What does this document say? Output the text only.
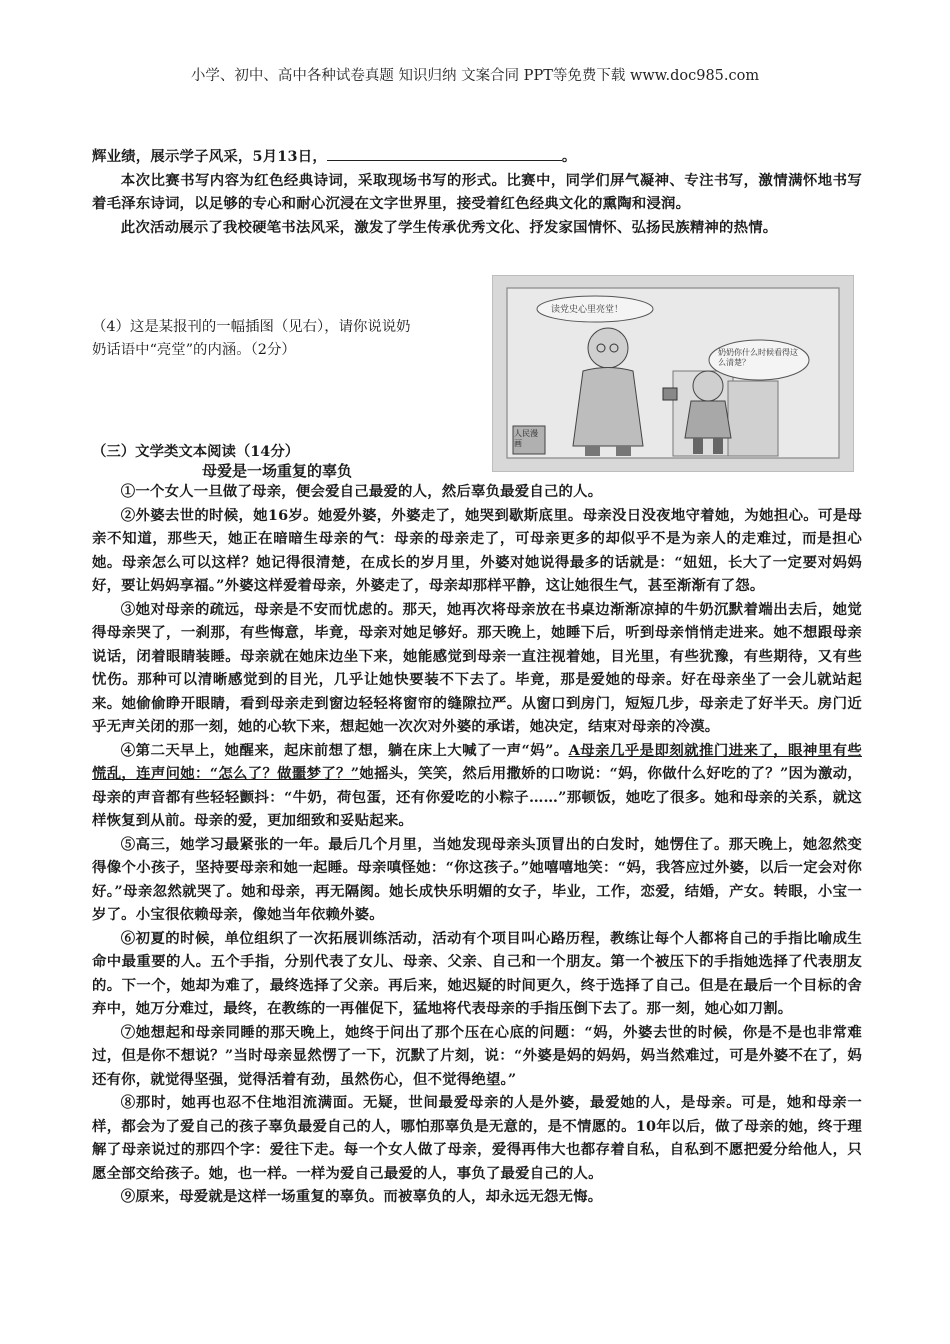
小学、初中、高中各种试卷真题 知识归纳 文案合同 PPT等免费下载 www.doc985.com

辉业绩，展示学子风采，5月13日，	。

本次比赛书写内容为红色经典诗词，采取现场书写的形式。比赛中，同学们屏气凝神、专注书写，激情满怀地书写着毛泽东诗词，以足够的专心和耐心沉浸在文字世界里，接受着红色经典文化的熏陶和浸润。

此次活动展示了我校硬笔书法风采，激发了学生传承优秀文化、抒发家国情怀、弘扬民族精神的热情。

（4）这是某报刊的一幅插图（见右），请你说说奶奶话语中“亮堂”的内涵。（2分）
读党史心里亮堂！
奶奶你什么时候看得这么清楚？
人民漫画
（三）文学类文本阅读（14分）
母爱是一场重复的辜负

①一个女人一旦做了母亲，便会爱自己最爱的人，然后辜负最爱自己的人。

②外婆去世的时候，她16岁。她爱外婆，外婆走了，她哭到歇斯底里。母亲没日没夜地守着她，为她担心。可是母亲不知道，那些天，她正在暗暗生母亲的气：母亲的母亲走了，可母亲更多的却似乎不是为亲人的走难过，而是担心她。母亲怎么可以这样？她记得很清楚，在成长的岁月里，外婆对她说得最多的话就是：“妞妞，长大了一定要对妈妈好，要让妈妈享福。”外婆这样爱着母亲，外婆走了，母亲却那样平静，这让她很生气，甚至渐渐有了怨。

③她对母亲的疏远，母亲是不安而忧虑的。那天，她再次将母亲放在书桌边渐渐凉掉的牛奶沉默着端出去后，她觉得母亲哭了，一刹那，有些悔意，毕竟，母亲对她足够好。那天晚上，她睡下后，听到母亲悄悄走进来。她不想跟母亲说话，闭着眼睛装睡。母亲就在她床边坐下来，她能感觉到母亲一直注视着她，目光里，有些犹豫，有些期待，又有些忧伤。那种可以清晰感觉到的目光，几乎让她快要装不下去了。毕竟，那是爱她的母亲。好在母亲坐了一会儿就站起来。她偷偷睁开眼睛，看到母亲走到窗边轻轻将窗帘的缝隙拉严。从窗口到房门，短短几步，母亲走了好半天。房门近乎无声关闭的那一刻，她的心软下来，想起她一次次对外婆的承诺，她决定，结束对母亲的冷漠。

④第二天早上，她醒来，起床前想了想，躺在床上大喊了一声“妈”。A母亲几乎是即刻就推门进来了，眼神里有些慌乱，连声问她：“怎么了？做噩梦了？”她摇头，笑笑，然后用撒娇的口吻说：“妈，你做什么好吃的了？”因为激动，母亲的声音都有些轻轻颤抖：“牛奶，荷包蛋，还有你爱吃的小粽子……”那顿饭，她吃了很多。她和母亲的关系，就这样恢复到从前。母亲的爱，更加细致和妥贴起来。

⑤高三，她学习最紧张的一年。最后几个月里，当她发现母亲头顶冒出的白发时，她愣住了。那天晚上，她忽然变得像个小孩子，坚持要母亲和她一起睡。母亲嗔怪她：“你这孩子。”她嘻嘻地笑：“妈，我答应过外婆，以后一定会对你好。”母亲忽然就哭了。她和母亲，再无隔阂。她长成快乐明媚的女子，毕业，工作，恋爱，结婚，产女。转眼，小宝一岁了。小宝很依赖母亲，像她当年依赖外婆。

⑥初夏的时候，单位组织了一次拓展训练活动，活动有个项目叫心路历程，教练让每个人都将自己的手指比喻成生命中最重要的人。五个手指，分别代表了女儿、母亲、父亲、自己和一个朋友。第一个被压下的手指她选择了代表朋友的。下一个，她却为难了，最终选择了父亲。再后来，她迟疑的时间更久，终于选择了自己。但是在最后一个目标的舍弃中，她万分难过，最终，在教练的一再催促下，猛地将代表母亲的手指压倒下去了。那一刻，她心如刀割。

⑦她想起和母亲同睡的那天晚上，她终于问出了那个压在心底的问题：“妈，外婆去世的时候，你是不是也非常难过，但是你不想说？”当时母亲显然愣了一下，沉默了片刻，说：“外婆是妈的妈妈，妈当然难过，可是外婆不在了，妈还有你，就觉得坚强，觉得活着有劲，虽然伤心，但不觉得绝望。”

⑧那时，她再也忍不住地泪流满面。无疑，世间最爱母亲的人是外婆，最爱她的人，是母亲。可是，她和母亲一样，都会为了爱自己的孩子辜负最爱自己的人，哪怕那辜负是无意的，是不情愿的。10年以后，做了母亲的她，终于理解了母亲说过的那四个字：爱往下走。每一个女人做了母亲，爱得再伟大也都存着自私，自私到不愿把爱分给他人，只愿全部交给孩子。她，也一样。一样为爱自己最爱的人，事负了最爱自己的人。

⑨原来，母爱就是这样一场重复的辜负。而被辜负的人，却永远无怨无悔。
